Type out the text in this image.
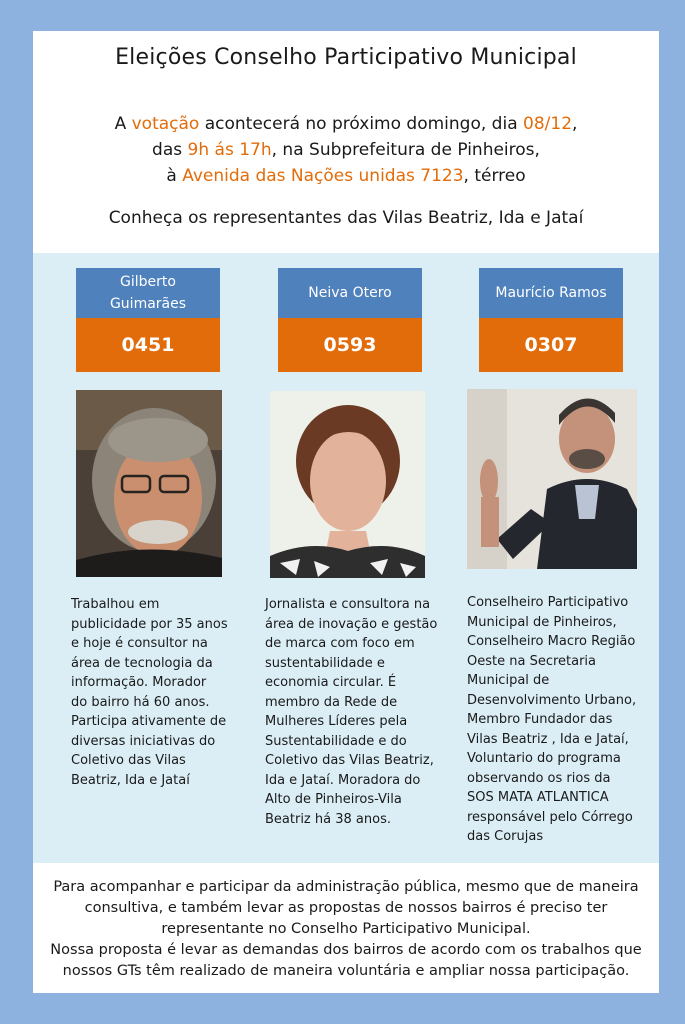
Eleições Conselho Participativo Municipal
A votação acontecerá no próximo domingo, dia 08/12,
das 9h ás 17h, na Subprefeitura de Pinheiros,
à Avenida das Nações unidas 7123, térreo
Conheça os representantes das Vilas Beatriz, Ida e Jataí
Gilberto
Guimarães
0451
Neiva Otero
0593
Maurício Ramos
0307
Trabalhou em
publicidade por 35 anos
e hoje é consultor na
área de tecnologia da
informação. Morador
do bairro há 60 anos.
Participa ativamente de
diversas iniciativas do
Coletivo das Vilas
Beatriz, Ida e Jataí
Jornalista e consultora na
área de inovação e gestão
de marca com foco em
sustentabilidade e
economia circular. É
membro da Rede de
Mulheres Líderes pela
Sustentabilidade e do
Coletivo das Vilas Beatriz,
Ida e Jataí. Moradora do
Alto de Pinheiros-Vila
Beatriz há 38 anos.
Conselheiro Participativo
Municipal de Pinheiros,
Conselheiro Macro Região
Oeste na Secretaria
Municipal de
Desenvolvimento Urbano,
Membro Fundador das
Vilas Beatriz , Ida e Jataí,
Voluntario do programa
observando os rios da
SOS MATA ATLANTICA
responsável pelo Córrego
das Corujas
Para acompanhar e participar da administração pública, mesmo que de maneira
consultiva, e também levar as propostas de nossos bairros é preciso ter
representante no Conselho Participativo Municipal.
Nossa proposta é levar as demandas dos bairros de acordo com os trabalhos que
nossos GTs têm realizado de maneira voluntária e ampliar nossa participação.
